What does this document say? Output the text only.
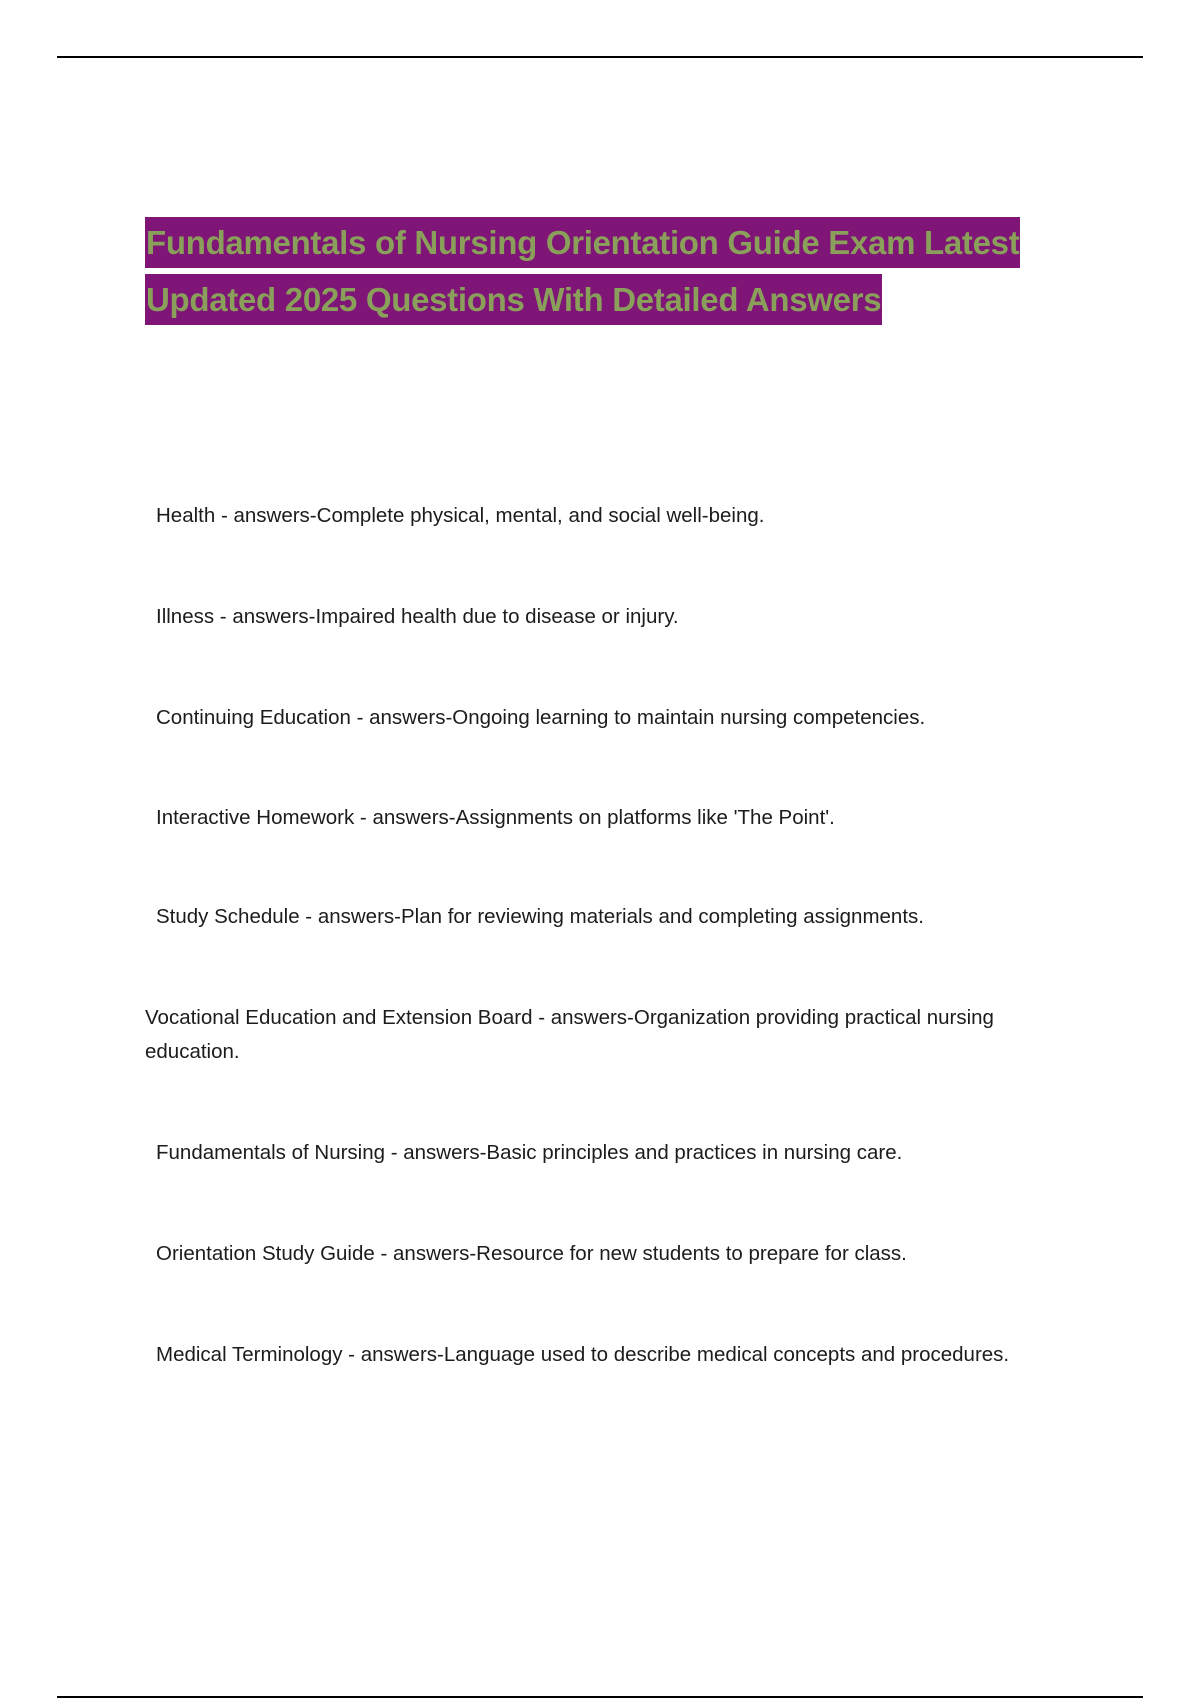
Fundamentals of Nursing Orientation Guide Exam Latest
Updated 2025 Questions With Detailed Answers
Health - answers-Complete physical, mental, and social well-being.
Illness - answers-Impaired health due to disease or injury.
Continuing Education - answers-Ongoing learning to maintain nursing competencies.
Interactive Homework - answers-Assignments on platforms like 'The Point'.
Study Schedule - answers-Plan for reviewing materials and completing assignments.
Vocational Education and Extension Board - answers-Organization providing practical nursing education.
Fundamentals of Nursing - answers-Basic principles and practices in nursing care.
Orientation Study Guide - answers-Resource for new students to prepare for class.
Medical Terminology - answers-Language used to describe medical concepts and procedures.
